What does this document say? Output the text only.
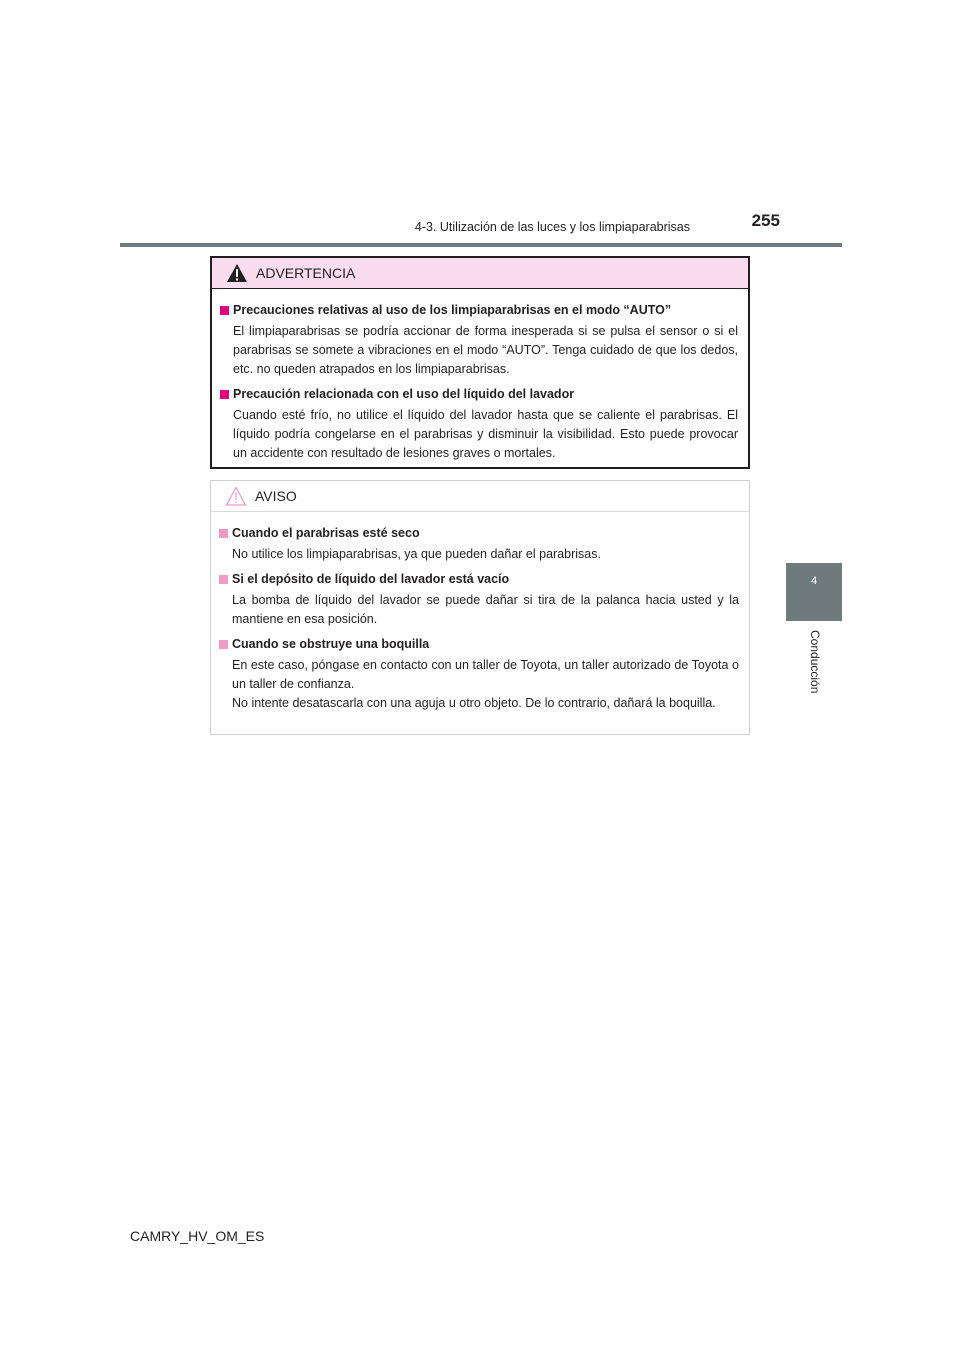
4-3. Utilización de las luces y los limpiaparabrisas	255
4
Conducción
ADVERTENCIA
Precauciones relativas al uso de los limpiaparabrisas en el modo “AUTO”
El limpiaparabrisas se podría accionar de forma inesperada si se pulsa el sensor o si el parabrisas se somete a vibraciones en el modo “AUTO”. Tenga cuidado de que los dedos, etc. no queden atrapados en los limpiaparabrisas.
Precaución relacionada con el uso del líquido del lavador
Cuando esté frío, no utilice el líquido del lavador hasta que se caliente el parabrisas. El líquido podría congelarse en el parabrisas y disminuir la visibilidad. Esto puede provocar un accidente con resultado de lesiones graves o mortales.
AVISO
Cuando el parabrisas esté seco
No utilice los limpiaparabrisas, ya que pueden dañar el parabrisas.
Si el depósito de líquido del lavador está vacío
La bomba de líquido del lavador se puede dañar si tira de la palanca hacia usted y la mantiene en esa posición.
Cuando se obstruye una boquilla
En este caso, póngase en contacto con un taller de Toyota, un taller autorizado de Toyota o un taller de confianza.
No intente desatascarla con una aguja u otro objeto. De lo contrario, dañará la boquilla.
CAMRY_HV_OM_ES
